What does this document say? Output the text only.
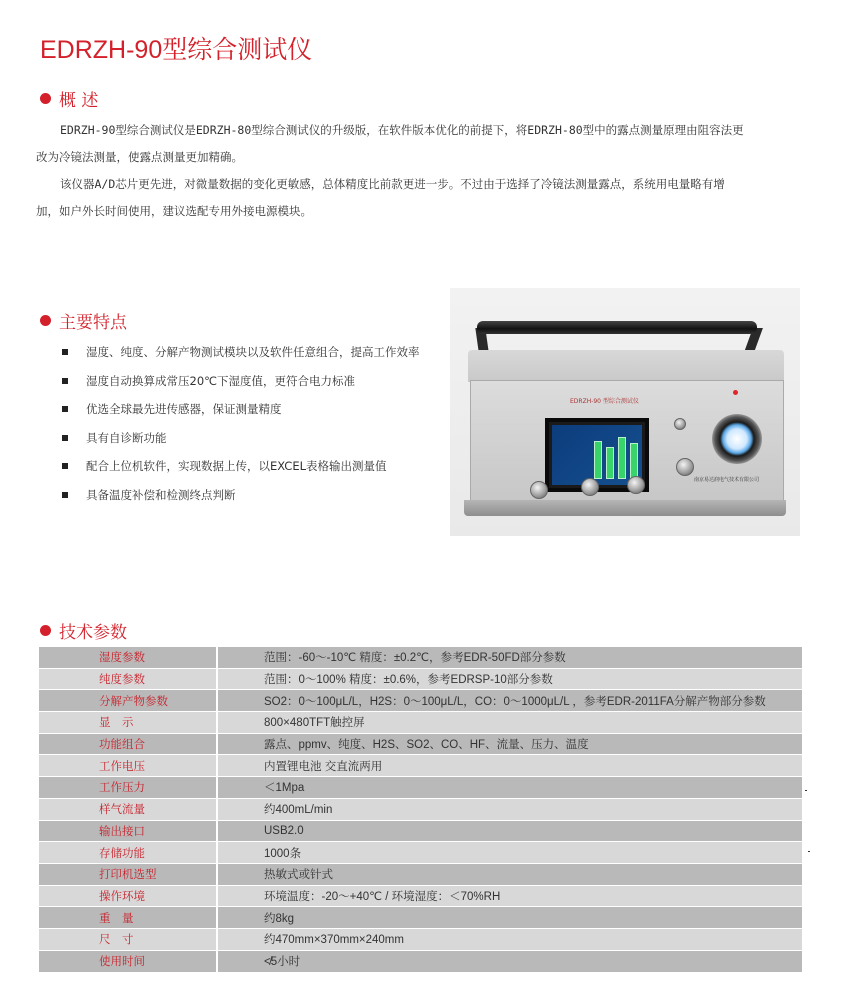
EDRZH-90型综合测试仪
概 述
EDRZH-90型综合测试仪是EDRZH-80型综合测试仪的升级版，在软件版本优化的前提下，将EDRZH-80型中的露点测量原理由阻容法更
改为冷镜法测量，使露点测量更加精确。
该仪器A/D芯片更先进，对微量数据的变化更敏感，总体精度比前款更进一步。不过由于选择了冷镜法测量露点，系统用电量略有增
加，如户外长时间使用，建议选配专用外接电源模块。
主要特点
湿度、纯度、分解产物测试模块以及软件任意组合，提高工作效率
湿度自动换算成常压20℃下湿度值，更符合电力标准
优选全球最先进传感器，保证测量精度
具有自诊断功能
配合上位机软件，实现数据上传，以EXCEL表格输出测量值
具备温度补偿和检测终点判断
EDRZH-90 型综合测试仪
南京易达润电气技术有限公司
技术参数
湿度参数	范围：-60～-10℃ 精度：±0.2℃，参考EDR-50FD部分参数
纯度参数	范围：0～100% 精度：±0.6%，参考EDRSP-10部分参数
分解产物参数	SO2：0～100μL/L，H2S：0～100μL/L，CO：0～1000μL/L ，参考EDR-2011FA分解产物部分参数
显　示	800×480TFT触控屏
功能组合	露点、ppmv、纯度、H2S、SO2、CO、HF、流量、压力、温度
工作电压	内置锂电池 交直流两用
工作压力	＜1Mpa
样气流量	约400mL/min
输出接口	USB2.0
存储功能	1000条
打印机选型	热敏式或针式
操作环境	环境温度：-20～+40℃ / 环境湿度：＜70%RH
重　量	约8kg
尺　寸	约470mm×370mm×240mm
使用时间	≮5小时
